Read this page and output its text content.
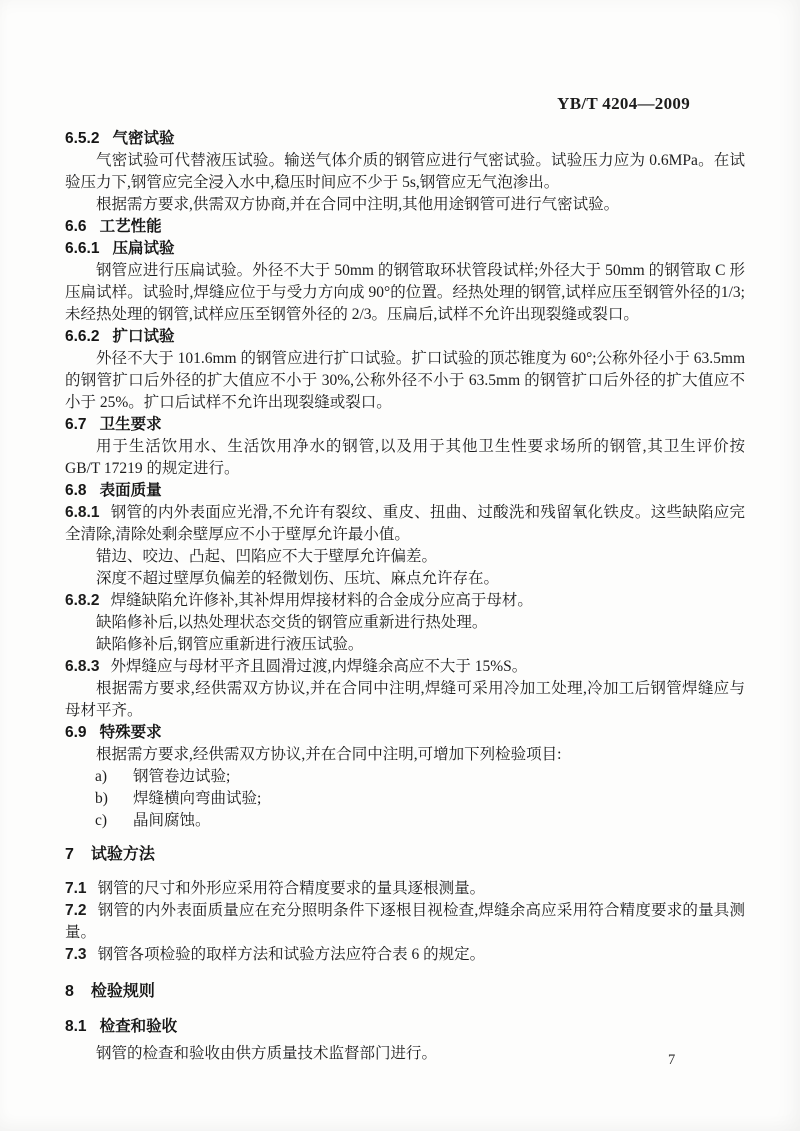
YB/T 4204—2009

6.5.2 气密试验

气密试验可代替液压试验。输送气体介质的钢管应进行气密试验。试验压力应为 0.6MPa。在试验压力下,钢管应完全浸入水中,稳压时间应不少于 5s,钢管应无气泡渗出。

根据需方要求,供需双方协商,并在合同中注明,其他用途钢管可进行气密试验。

6.6 工艺性能

6.6.1 压扁试验

钢管应进行压扁试验。外径不大于 50mm 的钢管取环状管段试样;外径大于 50mm 的钢管取 C 形压扁试样。试验时,焊缝应位于与受力方向成 90°的位置。经热处理的钢管,试样应压至钢管外径的1/3;未经热处理的钢管,试样应压至钢管外径的 2/3。压扁后,试样不允许出现裂缝或裂口。

6.6.2 扩口试验

外径不大于 101.6mm 的钢管应进行扩口试验。扩口试验的顶芯锥度为 60°;公称外径小于 63.5mm 的钢管扩口后外径的扩大值应不小于 30%,公称外径不小于 63.5mm 的钢管扩口后外径的扩大值应不小于 25%。扩口后试样不允许出现裂缝或裂口。

6.7 卫生要求

用于生活饮用水、生活饮用净水的钢管,以及用于其他卫生性要求场所的钢管,其卫生评价按 GB/T 17219 的规定进行。

6.8 表面质量

6.8.1 钢管的内外表面应光滑,不允许有裂纹、重皮、扭曲、过酸洗和残留氧化铁皮。这些缺陷应完全清除,清除处剩余壁厚应不小于壁厚允许最小值。

错边、咬边、凸起、凹陷应不大于壁厚允许偏差。

深度不超过壁厚负偏差的轻微划伤、压坑、麻点允许存在。

6.8.2 焊缝缺陷允许修补,其补焊用焊接材料的合金成分应高于母材。

缺陷修补后,以热处理状态交货的钢管应重新进行热处理。

缺陷修补后,钢管应重新进行液压试验。

6.8.3 外焊缝应与母材平齐且圆滑过渡,内焊缝余高应不大于 15%S。

根据需方要求,经供需双方协议,并在合同中注明,焊缝可采用冷加工处理,冷加工后钢管焊缝应与母材平齐。

6.9 特殊要求

根据需方要求,经供需双方协议,并在合同中注明,可增加下列检验项目:

a) 钢管卷边试验;

b) 焊缝横向弯曲试验;

c) 晶间腐蚀。

7 试验方法

7.1 钢管的尺寸和外形应采用符合精度要求的量具逐根测量。

7.2 钢管的内外表面质量应在充分照明条件下逐根目视检查,焊缝余高应采用符合精度要求的量具测量。

7.3 钢管各项检验的取样方法和试验方法应符合表 6 的规定。

8 检验规则

8.1 检查和验收

钢管的检查和验收由供方质量技术监督部门进行。	7
